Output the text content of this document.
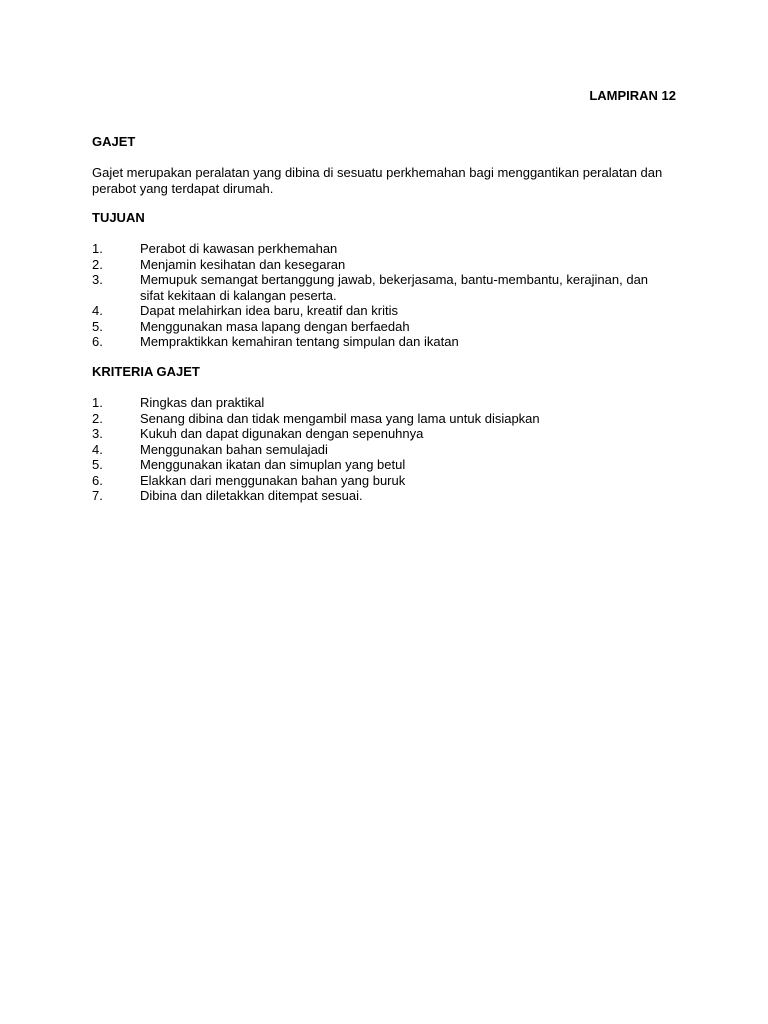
LAMPIRAN 12

GAJET

Gajet merupakan peralatan yang dibina di sesuatu perkhemahan bagi menggantikan peralatan dan perabot yang terdapat dirumah.

TUJUAN

1.	Perabot di kawasan perkhemahan
2.	Menjamin kesihatan dan kesegaran
3.	Memupuk semangat bertanggung jawab, bekerjasama, bantu-membantu, kerajinan, dan sifat kekitaan di kalangan peserta.
4.	Dapat melahirkan idea baru, kreatif dan kritis
5.	Menggunakan masa lapang dengan berfaedah
6.	Mempraktikkan kemahiran tentang simpulan dan ikatan

KRITERIA GAJET

1.	Ringkas dan praktikal
2.	Senang dibina dan tidak mengambil masa yang lama untuk disiapkan
3.	Kukuh dan dapat digunakan dengan sepenuhnya
4.	Menggunakan bahan semulajadi
5.	Menggunakan ikatan dan simuplan yang betul
6.	Elakkan dari menggunakan bahan yang buruk
7.	Dibina dan diletakkan ditempat sesuai.
